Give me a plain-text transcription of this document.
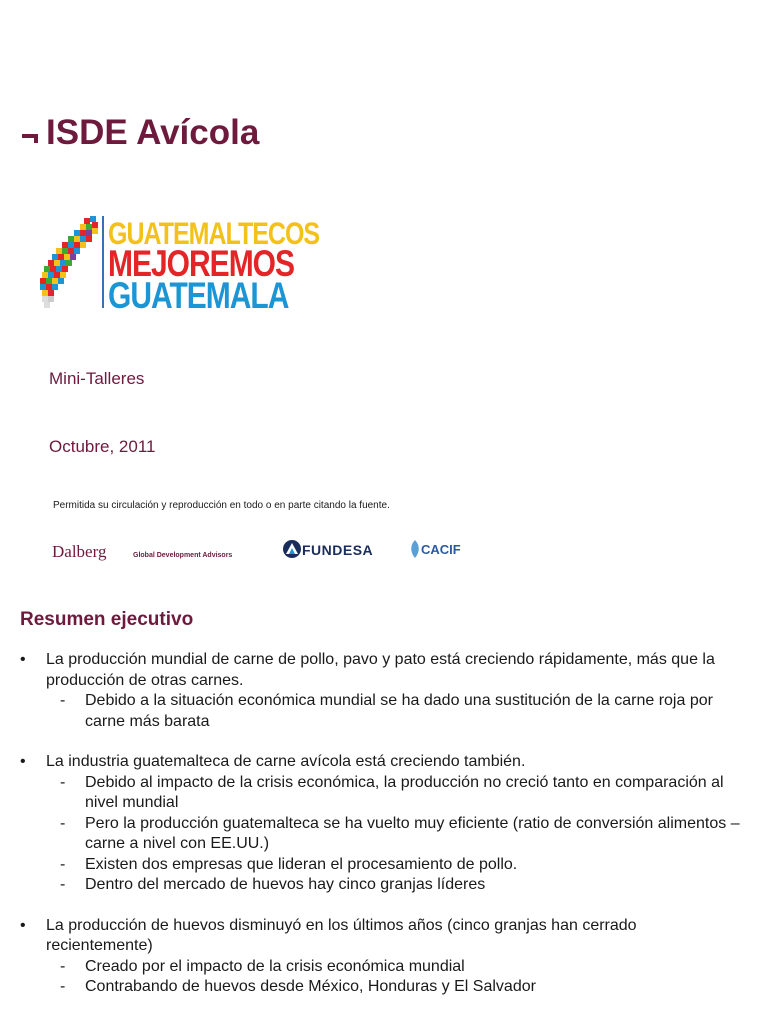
ISDE Avícola
GUATEMALTECOS
MEJOREMOS
GUATEMALA
Mini-Talleres
Octubre, 2011
Permitida su circulación y reproducción en todo o en parte citando la fuente.
Dalberg	Global Development Advisors	FUNDESA	CACIF
Resumen ejecutivo
• La producción mundial de carne de pollo, pavo y pato está creciendo rápidamente, más que la producción de otras carnes.
- Debido a la situación económica mundial se ha dado una sustitución de la carne roja por carne más barata
• La industria guatemalteca de carne avícola está creciendo también.
- Debido al impacto de la crisis económica, la producción no creció tanto en comparación al nivel mundial
- Pero la producción guatemalteca se ha vuelto muy eficiente (ratio de conversión alimentos – carne a nivel con EE.UU.)
- Existen dos empresas que lideran el procesamiento de pollo.
- Dentro del mercado de huevos hay cinco granjas líderes
• La producción de huevos disminuyó en los últimos años (cinco granjas han cerrado recientemente)
- Creado por el impacto de la crisis económica mundial
- Contrabando de huevos desde México, Honduras y El Salvador
